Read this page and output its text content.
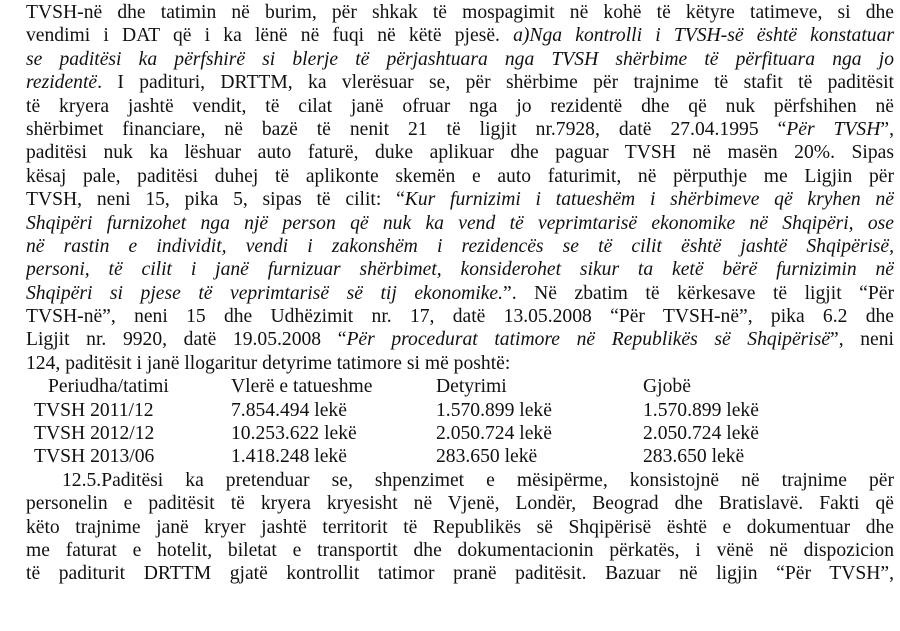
TVSH-në dhe tatimin në burim, për shkak të mospagimit në kohë të këtyre tatimeve, si dhe
vendimi i DAT që i ka lënë në fuqi në këtë pjesë. a)Nga kontrolli i TVSH-së është konstatuar
se paditësi ka përfshirë si blerje të përjashtuara nga TVSH shërbime të përfituara nga jo
rezidentë. I padituri, DRTTM, ka vlerësuar se, për shërbime për trajnime të stafit të paditësit
të kryera jashtë vendit, të cilat janë ofruar nga jo rezidentë dhe që nuk përfshihen në
shërbimet financiare, në bazë të nenit 21 të ligjit nr.7928, datë 27.04.1995 “Për TVSH”,
paditësi nuk ka lëshuar auto faturë, duke aplikuar dhe paguar TVSH në masën 20%. Sipas
kësaj pale, paditësi duhej të aplikonte skemën e auto faturimit, në përputhje me Ligjin për
TVSH, neni 15, pika 5, sipas të cilit: “Kur furnizimi i tatueshëm i shërbimeve që kryhen në
Shqipëri furnizohet nga një person që nuk ka vend të veprimtarisë ekonomike në Shqipëri, ose
në rastin e individit, vendi i zakonshëm i rezidencës se të cilit është jashtë Shqipërisë,
personi, të cilit i janë furnizuar shërbimet, konsiderohet sikur ta ketë bërë furnizimin në
Shqipëri si pjese të veprimtarisë së tij ekonomike.”. Në zbatim të kërkesave të ligjit “Për
TVSH-në”, neni 15 dhe Udhëzimit nr. 17, datë 13.05.2008 “Për TVSH-në”, pika 6.2 dhe
Ligjit nr. 9920, datë 19.05.2008 “Për procedurat tatimore në Republikës së Shqipërisë”, neni
124, paditësit i janë llogaritur detyrime tatimore si më poshtë:
Periudha/tatimi	Vlerë e tatueshme	Detyrimi	Gjobë
TVSH 2011/12	7.854.494 lekë	1.570.899 lekë	1.570.899 lekë
TVSH 2012/12	10.253.622 lekë	2.050.724 lekë	2.050.724 lekë
TVSH 2013/06	1.418.248 lekë	283.650 lekë	283.650 lekë
12.5.Paditësi ka pretenduar se, shpenzimet e mësipërme, konsistojnë në trajnime për
personelin e paditësit të kryera kryesisht në Vjenë, Londër, Beograd dhe Bratislavë. Fakti që
këto trajnime janë kryer jashtë territorit të Republikës së Shqipërisë është e dokumentuar dhe
me faturat e hotelit, biletat e transportit dhe dokumentacionin përkatës, i vënë në dispozicion
të paditurit DRTTM gjatë kontrollit tatimor pranë paditësit. Bazuar në ligjin “Për TVSH”,
